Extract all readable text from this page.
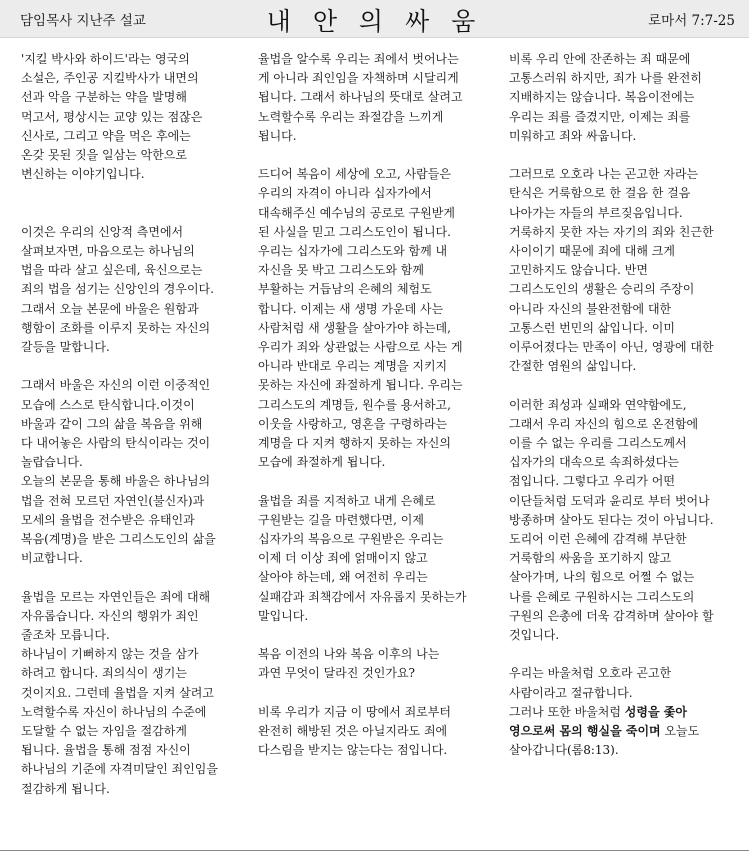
담임목사 지난주 설교	내 안 의 싸 움	로마서 7:7-25

'지킬 박사와 하이드'라는 영국의

소설은, 주인공 지킬박사가 내면의

선과 악을 구분하는 약을 발명해

먹고서, 평상시는 교양 있는 점잖은

신사로, 그리고 약을 먹은 후에는

온갖 못된 짓을 일삼는 악한으로

변신하는 이야기입니다.

이것은 우리의 신앙적 측면에서

살펴보자면, 마음으로는 하나님의

법을 따라 살고 싶은데, 육신으로는

죄의 법을 섬기는 신앙인의 경우이다.

그래서 오늘 본문에 바울은 원함과

행함이 조화를 이루지 못하는 자신의

갈등을 말합니다.

그래서 바울은 자신의 이런 이중적인

모습에 스스로 탄식합니다.이것이

바울과 같이 그의 삶을 복음을 위해

다 내어놓은 사람의 탄식이라는 것이

놀랍습니다.

오늘의 본문을 통해 바울은 하나님의

법을 전혀 모르던 자연인(불신자)과

모세의 율법을 전수받은 유태인과

복음(계명)을 받은 그리스도인의 삶을

비교합니다.

율법을 모르는 자연인들은 죄에 대해

자유롭습니다. 자신의 행위가 죄인

줄조차 모릅니다.

하나님이 기뻐하지 않는 것을 삼가

하려고 합니다. 죄의식이 생기는

것이지요. 그런데 율법을 지켜 살려고

노력할수록 자신이 하나님의 수준에

도달할 수 없는 자임을 절감하게

됩니다. 율법을 통해 점점 자신이

하나님의 기준에 자격미달인 죄인임을

절감하게 됩니다.

율법을 알수록 우리는 죄에서 벗어나는

게 아니라 죄인임을 자책하며 시달리게

됩니다. 그래서 하나님의 뜻대로 살려고

노력할수록 우리는 좌절감을 느끼게

됩니다.

드디어 복음이 세상에 오고, 사람들은

우리의 자격이 아니라 십자가에서

대속해주신 예수님의 공로로 구원받게

된 사실을 믿고 그리스도인이 됩니다.

우리는 십자가에 그리스도와 함께 내

자신을 못 박고 그리스도와 함께

부활하는 거듭남의 은혜의 체험도

합니다. 이제는 새 생명 가운데 사는

사람처럼 새 생활을 살아가야 하는데,

우리가 죄와 상관없는 사람으로 사는 게

아니라 반대로 우리는 계명을 지키지

못하는 자신에 좌절하게 됩니다. 우리는

그리스도의 계명들, 원수를 용서하고,

이웃을 사랑하고, 영혼을 구령하라는

계명을 다 지켜 행하지 못하는 자신의

모습에 좌절하게 됩니다.

율법을 죄를 지적하고 내게 은혜로

구원받는 길을 마련했다면, 이제

십자가의 복음으로 구원받은 우리는

이제 더 이상 죄에 얽매이지 않고

살아야 하는데, 왜 여전히 우리는

실패감과 죄책감에서 자유롭지 못하는가

말입니다.

복음 이전의 나와 복음 이후의 나는

과연 무엇이 달라진 것인가요?

비록 우리가 지금 이 땅에서 죄로부터

완전히 해방된 것은 아닐지라도 죄에

다스림을 받지는 않는다는 점입니다.

비록 우리 안에 잔존하는 죄 때문에

고통스러워 하지만, 죄가 나를 완전히

지배하지는 않습니다. 복음이전에는

우리는 죄를 즐겼지만, 이제는 죄를

미워하고 죄와 싸웁니다.

그러므로 오호라 나는 곤고한 자라는

탄식은 거룩함으로 한 걸음 한 걸음

나아가는 자들의 부르짖음입니다.

거룩하지 못한 자는 자기의 죄와 친근한

사이이기 때문에 죄에 대해 크게

고민하지도 않습니다. 반면

그리스도인의 생활은 승리의 주장이

아니라 자신의 불완전함에 대한

고통스런 번민의 삶입니다. 이미

이루어졌다는 만족이 아닌, 영광에 대한

간절한 염원의 삶입니다.

이러한 죄성과 실패와 연약함에도,

그래서 우리 자신의 힘으로 온전함에

이를 수 없는 우리를 그리스도께서

십자가의 대속으로 속죄하셨다는

점입니다. 그렇다고 우리가 어떤

이단들처럼 도덕과 윤리로 부터 벗어나

방종하며 살아도 된다는 것이 아닙니다.

도리어 이런 은혜에 감격해 부단한

거룩함의 싸움을 포기하지 않고

살아가며, 나의 힘으로 어쩔 수 없는

나를 은혜로 구원하시는 그리스도의

구원의 은총에 더욱 감격하며 살아야 할

것입니다.

우리는 바울처럼 오호라 곤고한

사람이라고 절규합니다.

그러나 또한 바울처럼 성령을 좇아

영으로써 몸의 행실을 죽이며 오늘도

살아갑니다(롬8:13).
